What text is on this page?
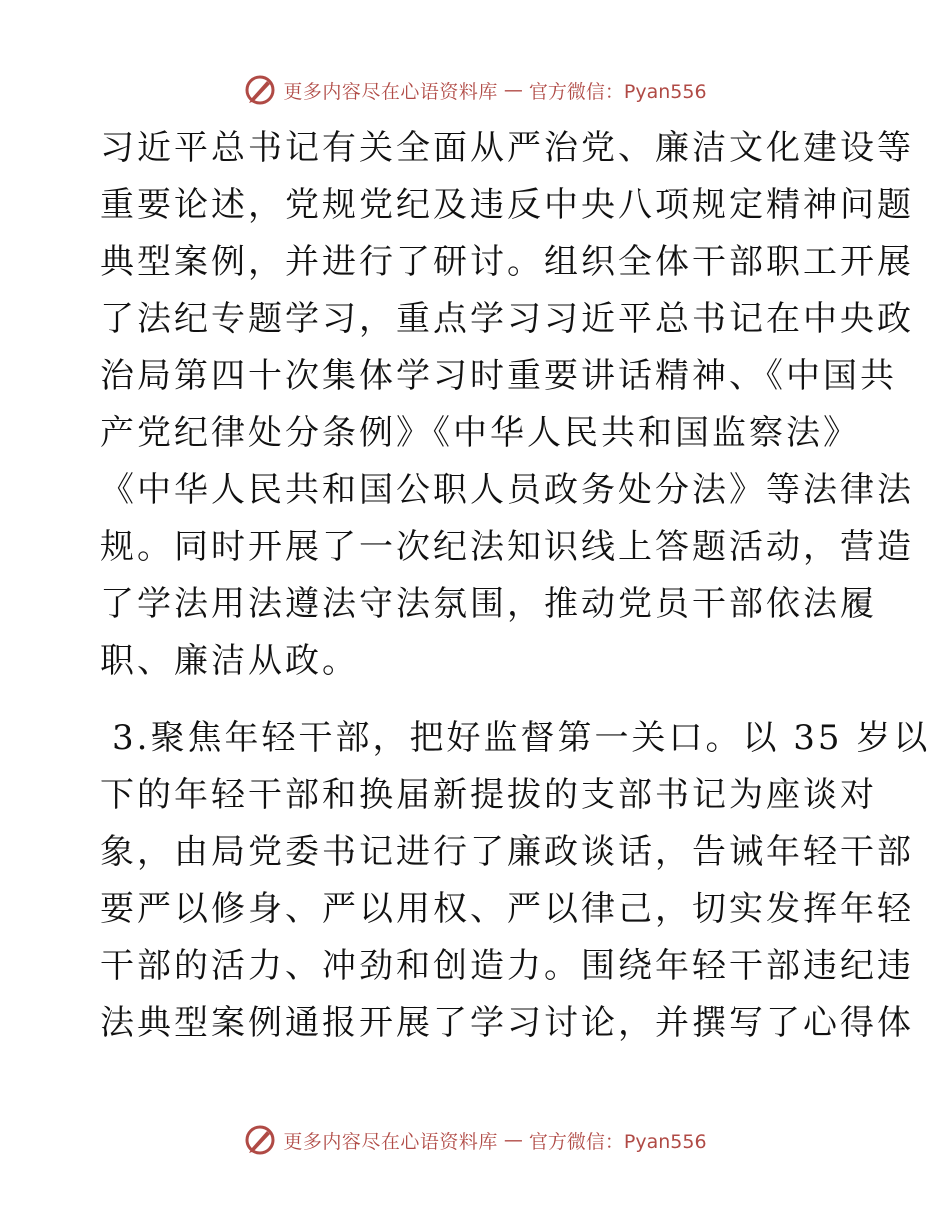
更多内容尽在心语资料库 — 官方微信：Pyan556
习近平总书记有关全面从严治党、廉洁文化建设等
重要论述，党规党纪及违反中央八项规定精神问题
典型案例，并进行了研讨。组织全体干部职工开展
了法纪专题学习，重点学习习近平总书记在中央政
治局第四十次集体学习时重要讲话精神、《中国共
产党纪律处分条例》《中华人民共和国监察法》
《中华人民共和国公职人员政务处分法》等法律法
规。同时开展了一次纪法知识线上答题活动，营造
了学法用法遵法守法氛围，推动党员干部依法履
职、廉洁从政。
3.聚焦年轻干部，把好监督第一关口。以 35 岁以
下的年轻干部和换届新提拔的支部书记为座谈对
象，由局党委书记进行了廉政谈话，告诫年轻干部
要严以修身、严以用权、严以律己，切实发挥年轻
干部的活力、冲劲和创造力。围绕年轻干部违纪违
法典型案例通报开展了学习讨论，并撰写了心得体
更多内容尽在心语资料库 — 官方微信：Pyan556
